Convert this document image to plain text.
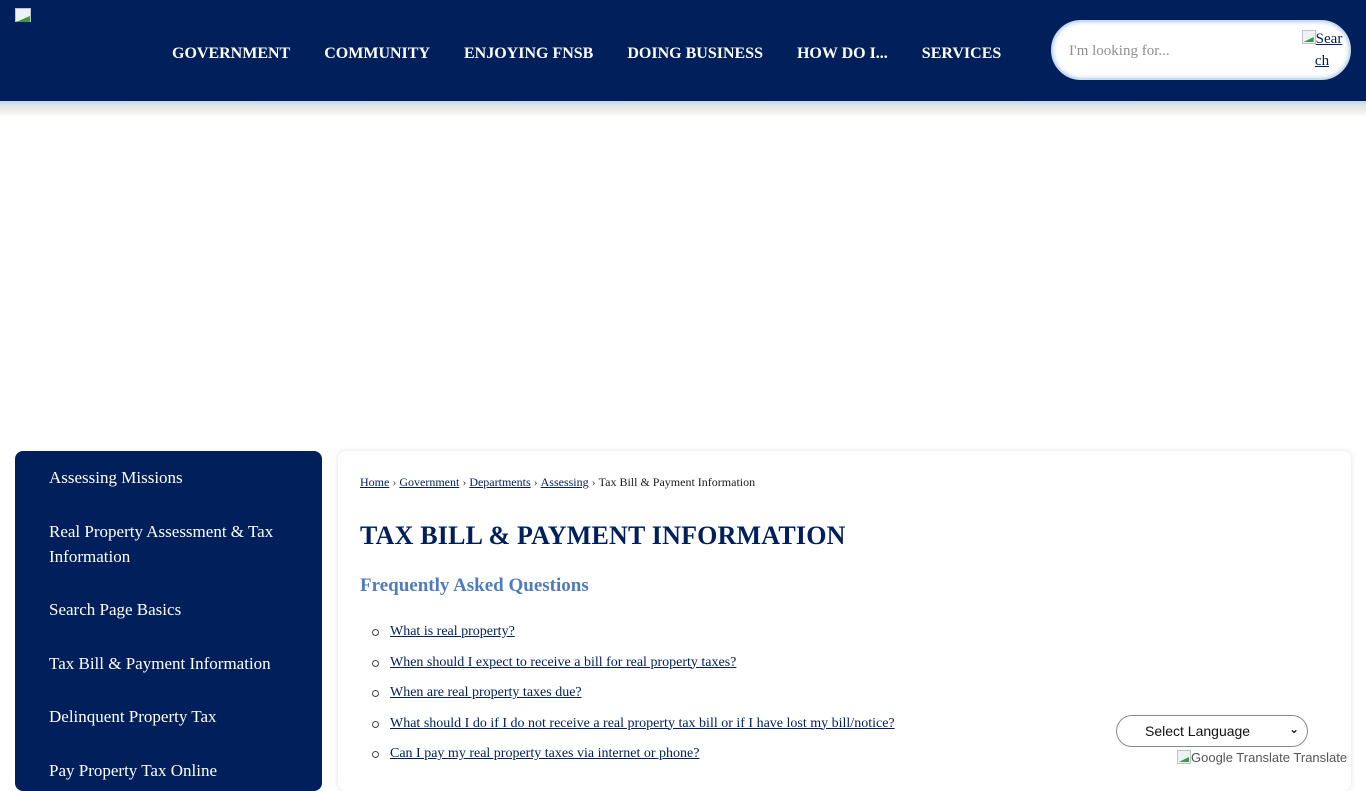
GOVERNMENT	COMMUNITY	ENJOYING FNSB	DOING BUSINESS	HOW DO I...	SERVICES
I'm looking for...
Sear
ch
Assessing Missions
Real Property Assessment & Tax Information
Search Page Basics
Tax Bill & Payment Information
Delinquent Property Tax
Pay Property Tax Online
Home › Government › Departments › Assessing › Tax Bill & Payment Information
TAX BILL & PAYMENT INFORMATION
Frequently Asked Questions
What is real property?
When should I expect to receive a bill for real property taxes?
When are real property taxes due?
What should I do if I do not receive a real property tax bill or if I have lost my bill/notice?
Can I pay my real property taxes via internet or phone?
Select Language	⌄
Google Translate Translate
